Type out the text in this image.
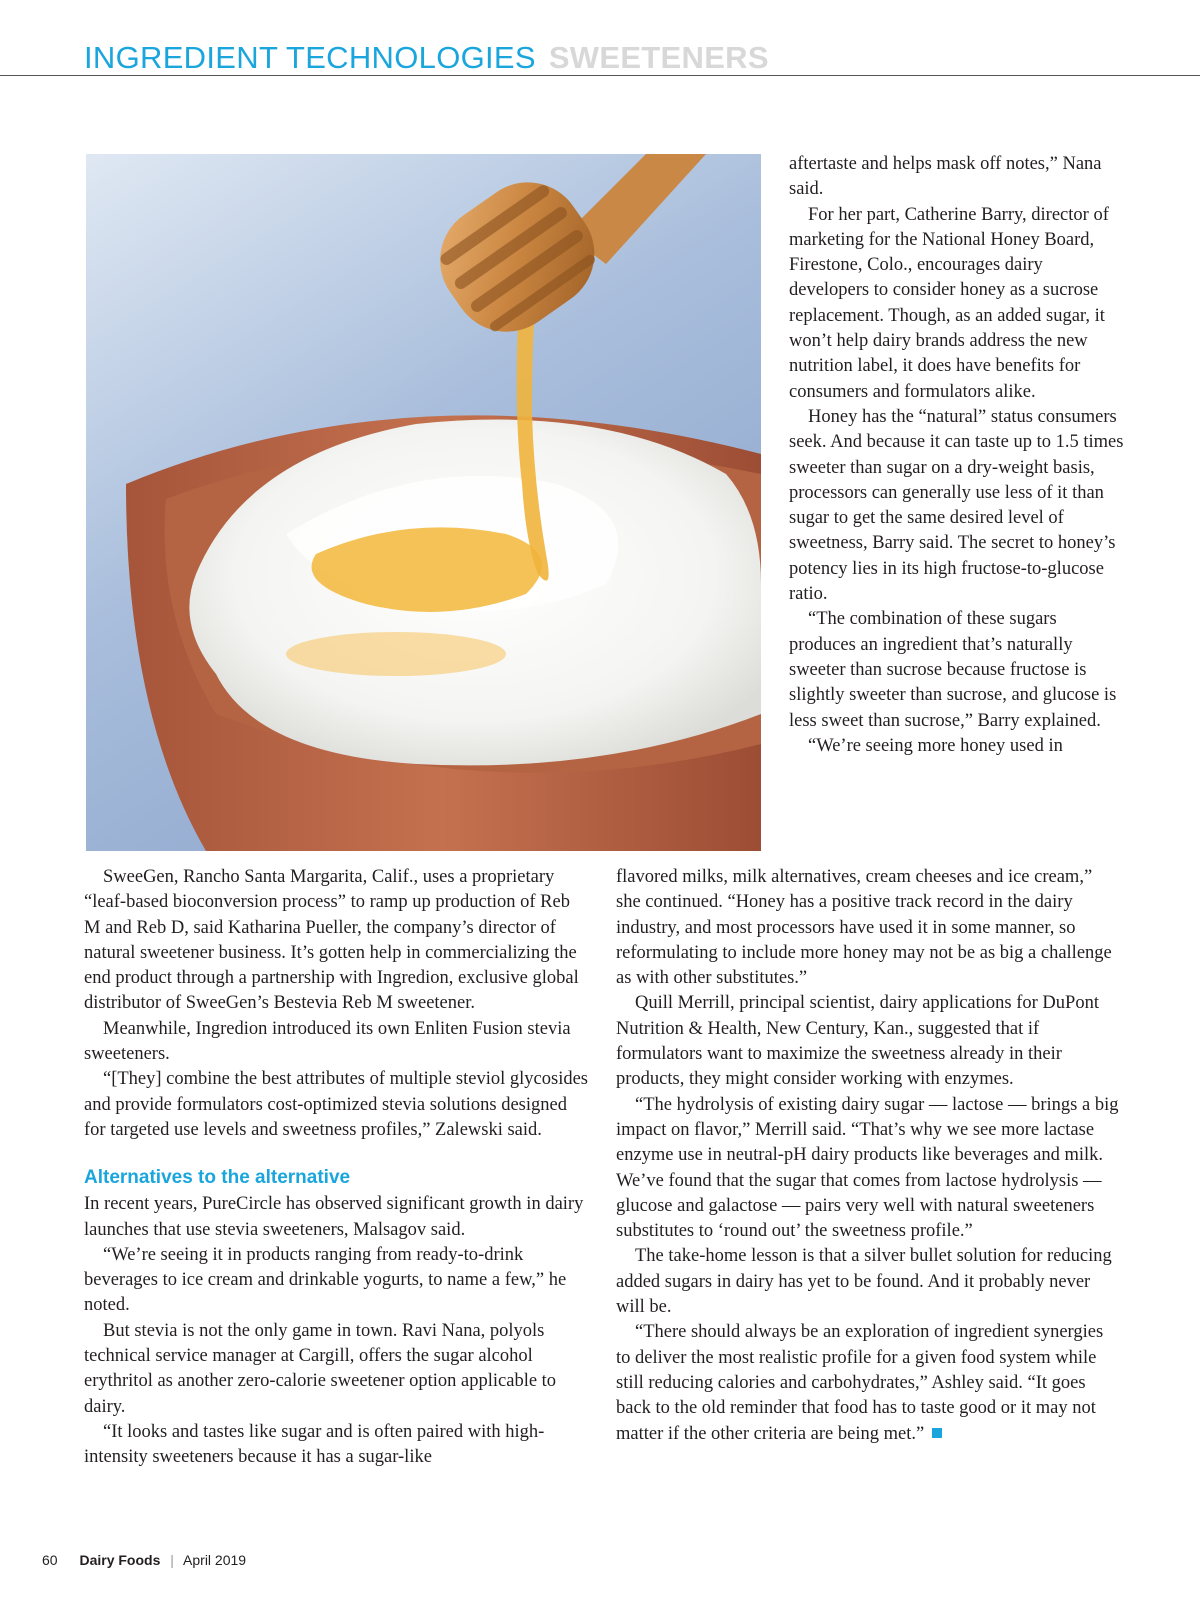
INGREDIENT TECHNOLOGIES SWEETENERS

aftertaste and helps mask off notes,” Nana said.

For her part, Catherine Barry, director of marketing for the National Honey Board, Firestone, Colo., encourages dairy developers to consider honey as a sucrose replacement. Though, as an added sugar, it won’t help dairy brands address the new nutrition label, it does have benefits for consumers and formulators alike.

Honey has the “natural” status consumers seek. And because it can taste up to 1.5 times sweeter than sugar on a dry-weight basis, processors can generally use less of it than sugar to get the same desired level of sweetness, Barry said. The secret to honey’s potency lies in its high fructose-to-glucose ratio.

“The combination of these sugars produces an ingredient that’s naturally sweeter than sucrose because fructose is slightly sweeter than sucrose, and glucose is less sweet than sucrose,” Barry explained.

“We’re seeing more honey used in

SweeGen, Rancho Santa Margarita, Calif., uses a proprietary “leaf-based bioconversion process” to ramp up production of Reb M and Reb D, said Katharina Pueller, the company’s director of natural sweetener business. It’s gotten help in commercializing the end product through a partnership with Ingredion, exclusive global distributor of SweeGen’s Bestevia Reb M sweetener.

Meanwhile, Ingredion introduced its own Enliten Fusion stevia sweeteners.

“[They] combine the best attributes of multiple steviol glycosides and provide formulators cost-optimized stevia solutions designed for targeted use levels and sweetness profiles,” Zalewski said.

Alternatives to the alternative

In recent years, PureCircle has observed significant growth in dairy launches that use stevia sweeteners, Malsagov said.

“We’re seeing it in products ranging from ready-to-drink beverages to ice cream and drinkable yogurts, to name a few,” he noted.

But stevia is not the only game in town. Ravi Nana, polyols technical service manager at Cargill, offers the sugar alcohol erythritol as another zero-calorie sweetener option applicable to dairy.

“It looks and tastes like sugar and is often paired with high-intensity sweeteners because it has a sugar-like

flavored milks, milk alternatives, cream cheeses and ice cream,” she continued. “Honey has a positive track record in the dairy industry, and most processors have used it in some manner, so reformulating to include more honey may not be as big a challenge as with other substitutes.”

Quill Merrill, principal scientist, dairy applications for DuPont Nutrition & Health, New Century, Kan., suggested that if formulators want to maximize the sweetness already in their products, they might consider working with enzymes.

“The hydrolysis of existing dairy sugar — lactose — brings a big impact on flavor,” Merrill said. “That’s why we see more lactase enzyme use in neutral-pH dairy products like beverages and milk. We’ve found that the sugar that comes from lactose hydrolysis — glucose and galactose — pairs very well with natural sweeteners substitutes to ‘round out’ the sweetness profile.”

The take-home lesson is that a silver bullet solution for reducing added sugars in dairy has yet to be found. And it probably never will be.

“There should always be an exploration of ingredient synergies to deliver the most realistic profile for a given food system while still reducing calories and carbohydrates,” Ashley said. “It goes back to the old reminder that food has to taste good or it may not matter if the other criteria are being met.”

60 Dairy Foods | April 2019
